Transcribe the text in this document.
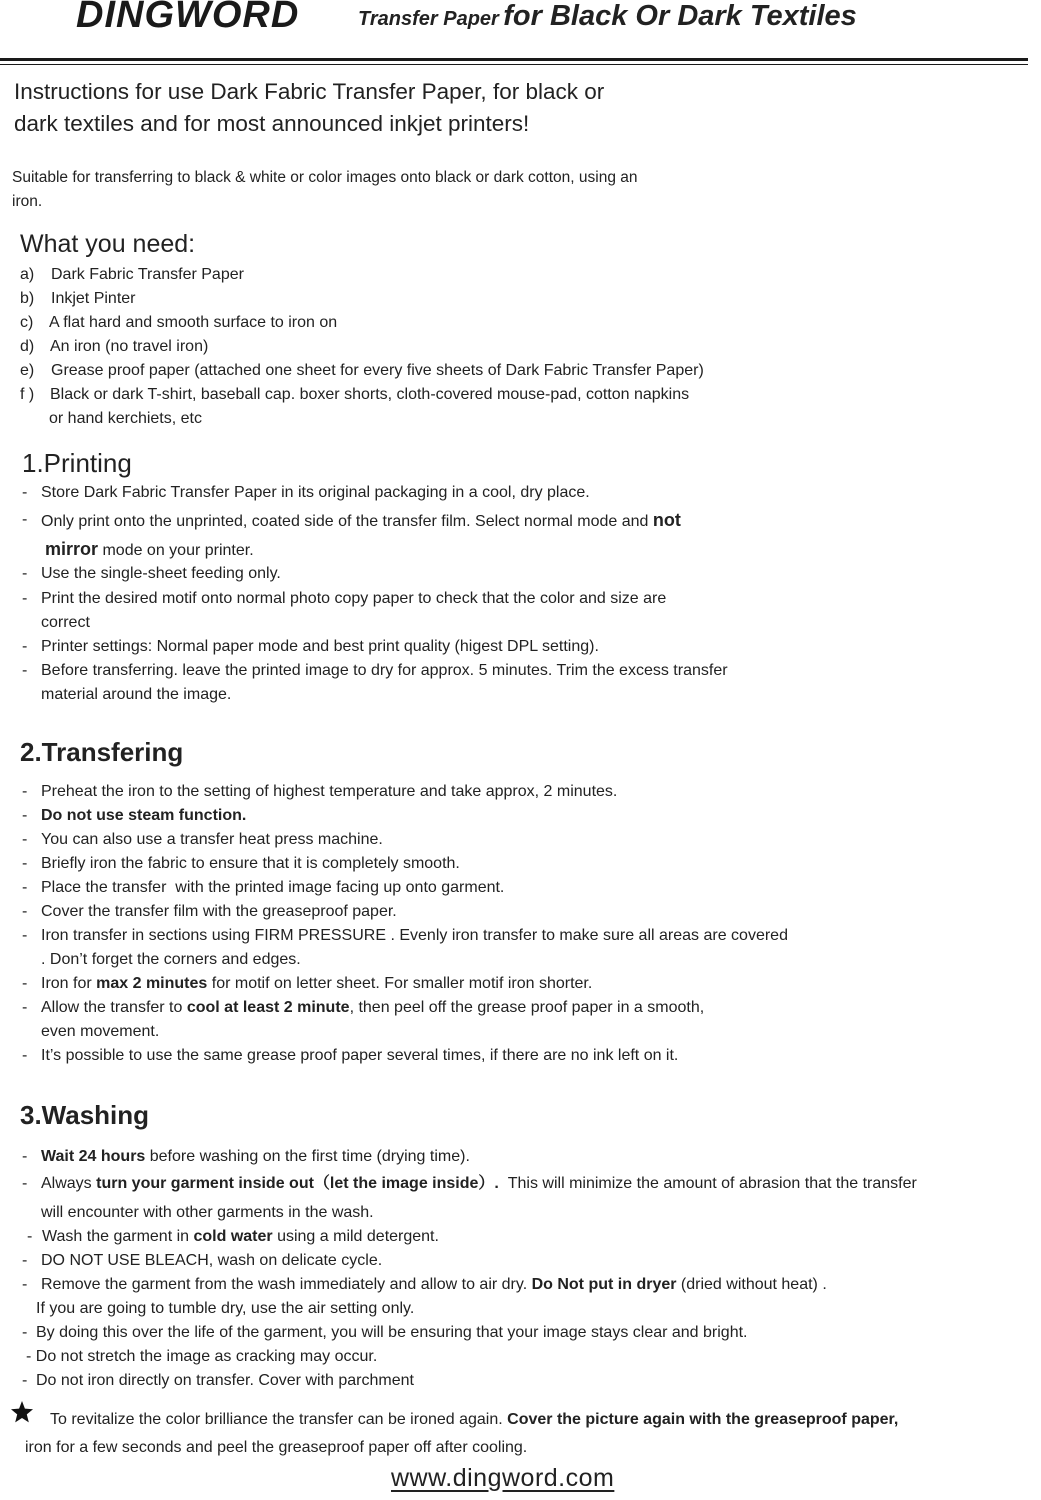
DINGWORD	Transfer Paper for Black Or Dark Textiles
Instructions for use Dark Fabric Transfer Paper, for black or
dark textiles and for most announced inkjet printers!
Suitable for transferring to black & white or color images onto black or dark cotton, using an
iron.
What you need:
a) Dark Fabric Transfer Paper
b) Inkjet Pinter
c) A flat hard and smooth surface to iron on
d) An iron (no travel iron)
e) Grease proof paper (attached one sheet for every five sheets of Dark Fabric Transfer Paper)
f ) Black or dark T-shirt, baseball cap. boxer shorts, cloth-covered mouse-pad, cotton napkins
or hand kerchiets, etc
1.Printing
- Store Dark Fabric Transfer Paper in its original packaging in a cool, dry place.
- Only print onto the unprinted, coated side of the transfer film. Select normal mode and not
mirror mode on your printer.
- Use the single-sheet feeding only.
- Print the desired motif onto normal photo copy paper to check that the color and size are
correct
- Printer settings: Normal paper mode and best print quality (higest DPL setting).
- Before transferring. leave the printed image to dry for approx. 5 minutes. Trim the excess transfer
material around the image.
2.Transfering
- Preheat the iron to the setting of highest temperature and take approx, 2 minutes.
- Do not use steam function.
- You can also use a transfer heat press machine.
- Briefly iron the fabric to ensure that it is completely smooth.
- Place the transfer  with the printed image facing up onto garment.
- Cover the transfer film with the greaseproof paper.
- Iron transfer in sections using FIRM PRESSURE . Evenly iron transfer to make sure all areas are covered
. Don’t forget the corners and edges.
- Iron for max 2 minutes for motif on letter sheet. For smaller motif iron shorter.
- Allow the transfer to cool at least 2 minute, then peel off the grease proof paper in a smooth,
even movement.
- It’s possible to use the same grease proof paper several times, if there are no ink left on it.
3.Washing
- Wait 24 hours before washing on the first time (drying time).
- Always turn your garment inside out（let the image inside）.  This will minimize the amount of abrasion that the transfer
will encounter with other garments in the wash.
- Wash the garment in cold water using a mild detergent.
- DO NOT USE BLEACH, wash on delicate cycle.
- Remove the garment from the wash immediately and allow to air dry. Do Not put in dryer (dried without heat) .
If you are going to tumble dry, use the air setting only.
- By doing this over the life of the garment, you will be ensuring that your image stays clear and bright.
- Do not stretch the image as cracking may occur.
- Do not iron directly on transfer. Cover with parchment
To revitalize the color brilliance the transfer can be ironed again. Cover the picture again with the greaseproof paper,
iron for a few seconds and peel the greaseproof paper off after cooling.
www.dingword.com
